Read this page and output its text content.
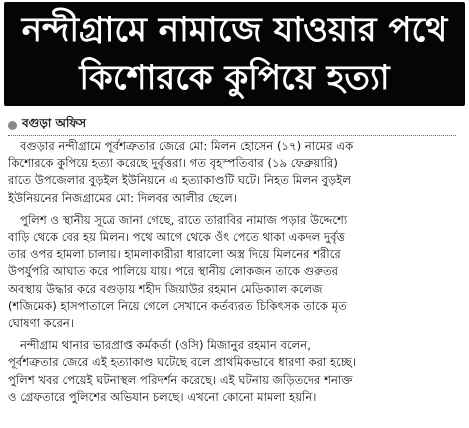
নন্দীগ্রামে নামাজে যাওয়ার পথে
কিশোরকে কুপিয়ে হত্যা
বগুড়া অফিস
বগুড়ার নন্দীগ্রামে পূর্বশত্রুতার জেরে মো: মিলন হোসেন (১৭) নামের এক
কিশোরকে কুপিয়ে হত্যা করেছে দুর্বৃত্তরা। গত বৃহস্পতিবার (১৯ ফেব্রুয়ারি)
রাতে উপজেলার বুড়ইল ইউনিয়নে এ হত্যাকাণ্ডটি ঘটে। নিহত মিলন বুড়ইল
ইউনিয়নের নিজগ্রামের মো: দিলবর আলীর ছেলে।
পুলিশ ও স্থানীয় সূত্রে জানা গেছে, রাতে তারাবির নামাজ পড়ার উদ্দেশ্যে
বাড়ি থেকে বের হয় মিলন। পথে আগে থেকে ওঁৎ পেতে থাকা একদল দুর্বৃত্ত
তার ওপর হামলা চালায়। হামলাকারীরা ধারালো অস্ত্র দিয়ে মিলনের শরীরে
উপর্যুপরি আঘাত করে পালিয়ে যায়। পরে স্থানীয় লোকজন তাকে গুরুতর
অবস্থায় উদ্ধার করে বগুড়ায় শহীদ জিয়াউর রহমান মেডিক্যাল কলেজ
(শজিমেক) হাসপাতালে নিয়ে গেলে সেখানে কর্তব্যরত চিকিৎসক তাকে মৃত
ঘোষণা করেন।
নন্দীগ্রাম থানার ভারপ্রাপ্ত কর্মকর্তা (ওসি) মিজানুর রহমান বলেন,
পূর্বশত্রুতার জেরে এই হত্যাকাণ্ড ঘটেছে বলে প্রাথমিকভাবে ধারণা করা হচ্ছে।
পুলিশ খবর পেয়েই ঘটনাস্থল পরিদর্শন করেছে। এই ঘটনায় জড়িতদের শনাক্ত
ও গ্রেফতারে পুলিশের অভিযান চলছে। এখনো কোনো মামলা হয়নি।
